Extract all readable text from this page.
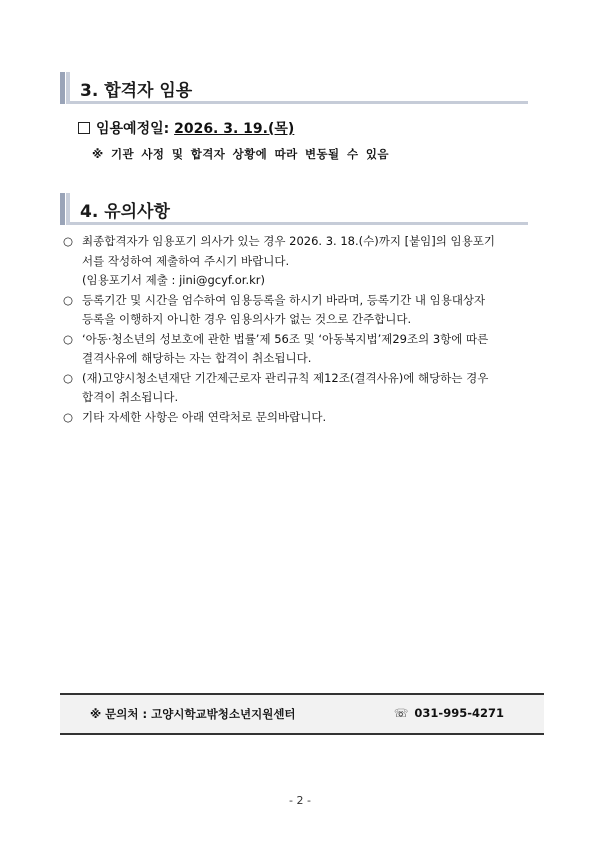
3. 합격자 임용
임용예정일: 2026. 3. 19.(목)
※ 기관 사정 및 합격자 상황에 따라 변동될 수 있음
4. 유의사항
○ 최종합격자가 임용포기 의사가 있는 경우 2026. 3. 18.(수)까지 [붙임]의 임용포기
서를 작성하여 제출하여 주시기 바랍니다.
(임용포기서 제출 : jini@gcyf.or.kr)
○ 등록기간 및 시간을 엄수하여 임용등록을 하시기 바라며, 등록기간 내 임용대상자
등록을 이행하지 아니한 경우 임용의사가 없는 것으로 간주합니다.
○ ‘아동·청소년의 성보호에 관한 법률’제 56조 및 ‘아동복지법’제29조의 3항에 따른
결격사유에 해당하는 자는 합격이 취소됩니다.
○ (재)고양시청소년재단 기간제근로자 관리규칙 제12조(결격사유)에 해당하는 경우
합격이 취소됩니다.
○ 기타 자세한 사항은 아래 연락처로 문의바랍니다.
※ 문의처 : 고양시학교밖청소년지원센터	☏ 031-995-4271
- 2 -
